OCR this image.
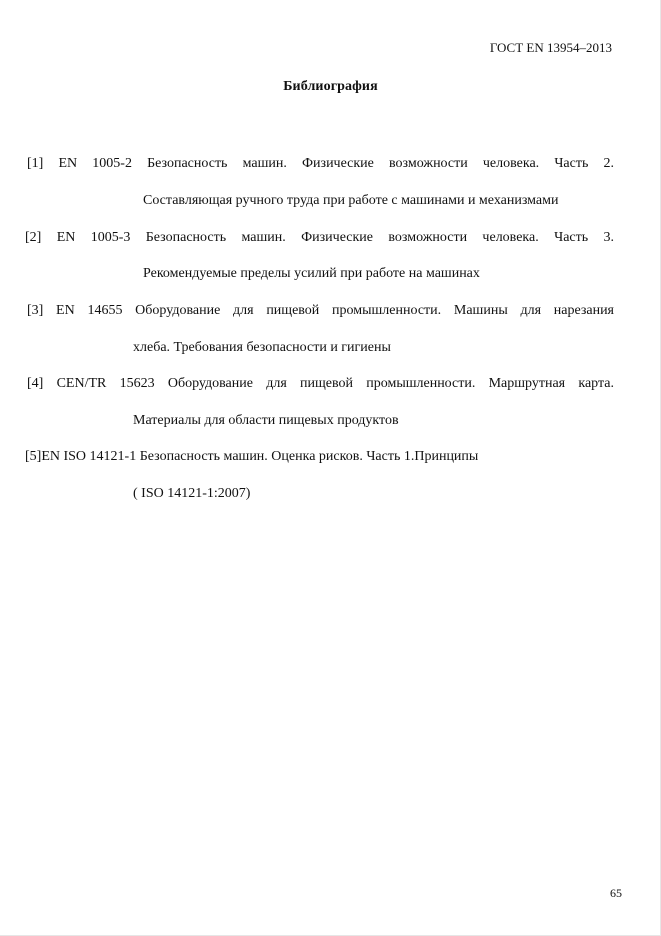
ГОСТ EN 13954–2013
Библиография
[1] EN 1005-2 Безопасность машин. Физические возможности человека. Часть 2.
Составляющая ручного труда при работе с машинами и механизмами
[2] EN 1005-3 Безопасность машин. Физические возможности человека. Часть 3.
Рекомендуемые пределы усилий при работе на машинах
[3] EN 14655 Оборудование для пищевой промышленности. Машины для нарезания
хлеба. Требования безопасности и гигиены
[4] CEN/TR 15623 Оборудование для пищевой промышленности. Маршрутная карта.
Материалы для области пищевых продуктов
[5]EN ISO 14121-1 Безопасность машин. Оценка рисков. Часть 1.Принципы
( ISO 14121-1:2007)
65
